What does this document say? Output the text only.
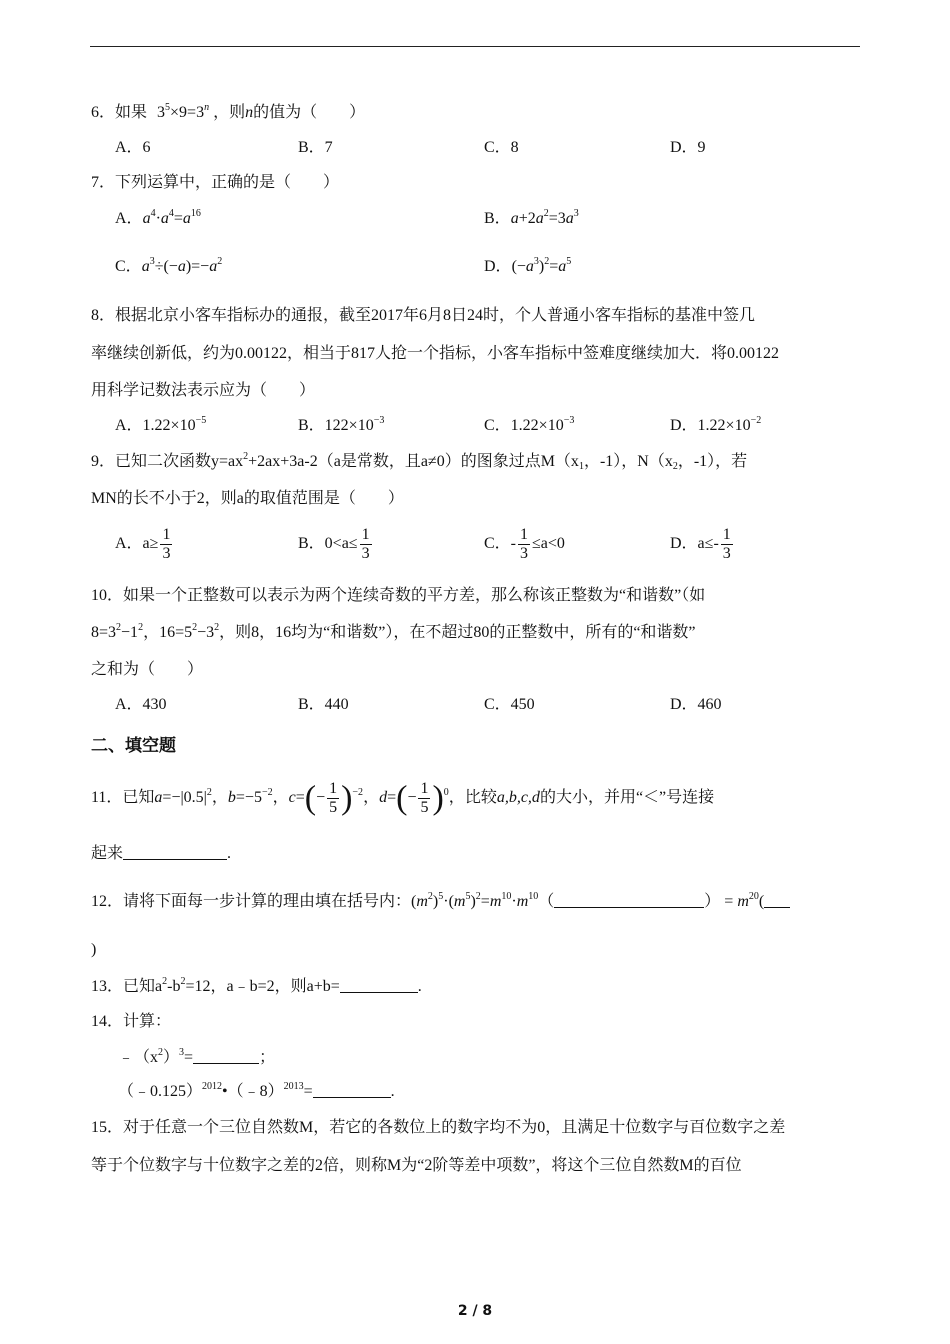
6．如果 $3^5\times 9=3^n$ ，则n的值为（　　）
A．6	B．7	C．8	D．9
7．下列运算中，正确的是（　　）
A．$a^4\cdot a^4=a^{16}$	B．$a+2a^2=3a^3$
C．$a^3\div(-a)=-a^2$	D．$(-a^3)^2=a^5$
8．根据北京小客车指标办的通报，截至2017年6月8日24时，个人普通小客车指标的基准中签几
率继续创新低，约为0.00122，相当于817人抢一个指标，小客车指标中签难度继续加大．将0.00122
用科学记数法表示应为（　　）
A．$1.22\times 10^{-5}$	B．$122\times 10^{-3}$	C．$1.22\times 10^{-3}$	D．$1.22\times 10^{-2}$
9．已知二次函数$y=ax^2+2ax+3a-2(a$是常数，且a≠0）的图象过点$M(x_1$，-1），$N(x_2$，-1），若
MN的长不小于2，则a的取值范围是（　　）
A．$a\ge \frac{1}{3}$	B．$0<a\le \frac{1}{3}$	C．- $\frac{1}{3} \le a<0$	D．$a\le- \frac{1}{3}$
10．如果一个正整数可以表示为两个连续奇数的平方差，那么称该正整数为“和谐数”（如
$8=3^2-1^2$，$16=5^2-3^2$，则8，16均为“和谐数”），在不超过80的正整数中，所有的“和谐数”
之和为（　　）
A．430	B．440	C．450	D．460
二、填空题
11．已知$a=-|0.5|^2$，$b=-5^{-2}$，$c=(- \frac{1}{5} )^{-2}$，$d=(- \frac{1}{5} )^0$，比较a,b,c,d的大小，并用“＜”号连接
起来	.
12．请将下面每一步计算的理由填在括号内：$(m^2)^5\cdot(m^5)^2=m^{10}\cdot m^{10}$（	） = $m^{20}$(
)
13．已知$a^2-b^2=12$，a﹣b=2，则a+b=	.
14．计算：
$﹣(x^2)^3=$	；
（﹣0.125）$^{2012}$•（﹣8）$^{2013}$=	.
15．对于任意一个三位自然数M，若它的各数位上的数字均不为0，且满足十位数字与百位数字之差
等于个位数字与十位数字之差的2倍，则称M为“2阶等差中项数”，将这个三位自然数M的百位
2 / 8
